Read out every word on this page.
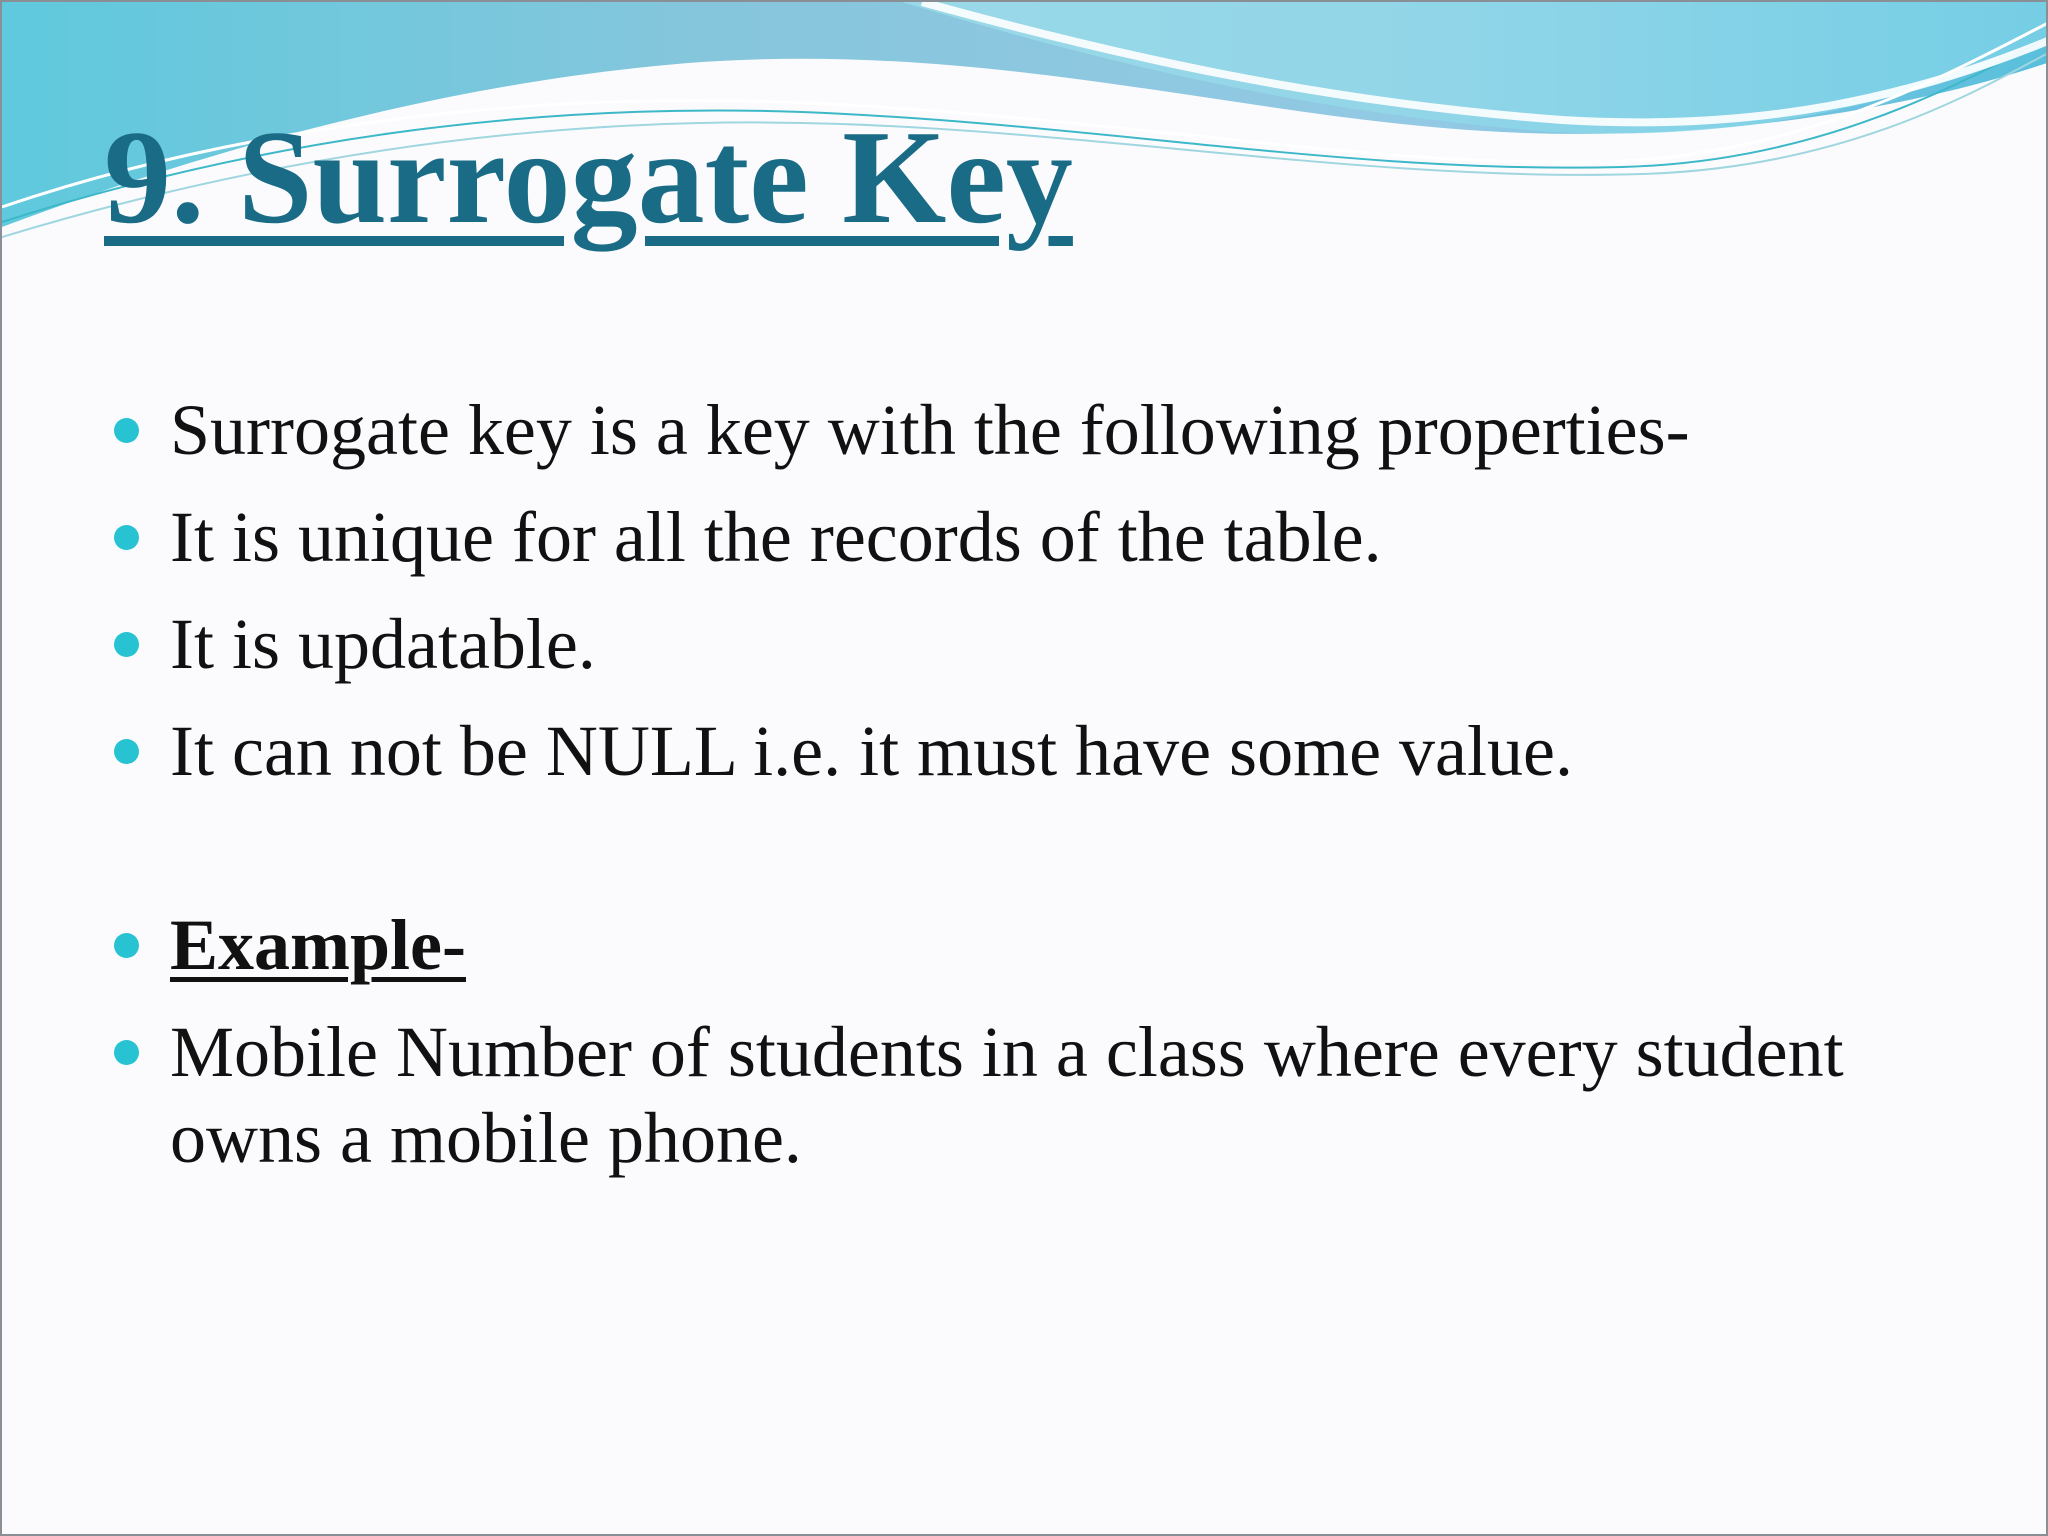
9. Surrogate Key
Surrogate key is a key with the following properties-
It is unique for all the records of the table.
It is updatable.
It can not be NULL i.e. it must have some value.
Example-
Mobile Number of students in a class where every student owns a mobile phone.
